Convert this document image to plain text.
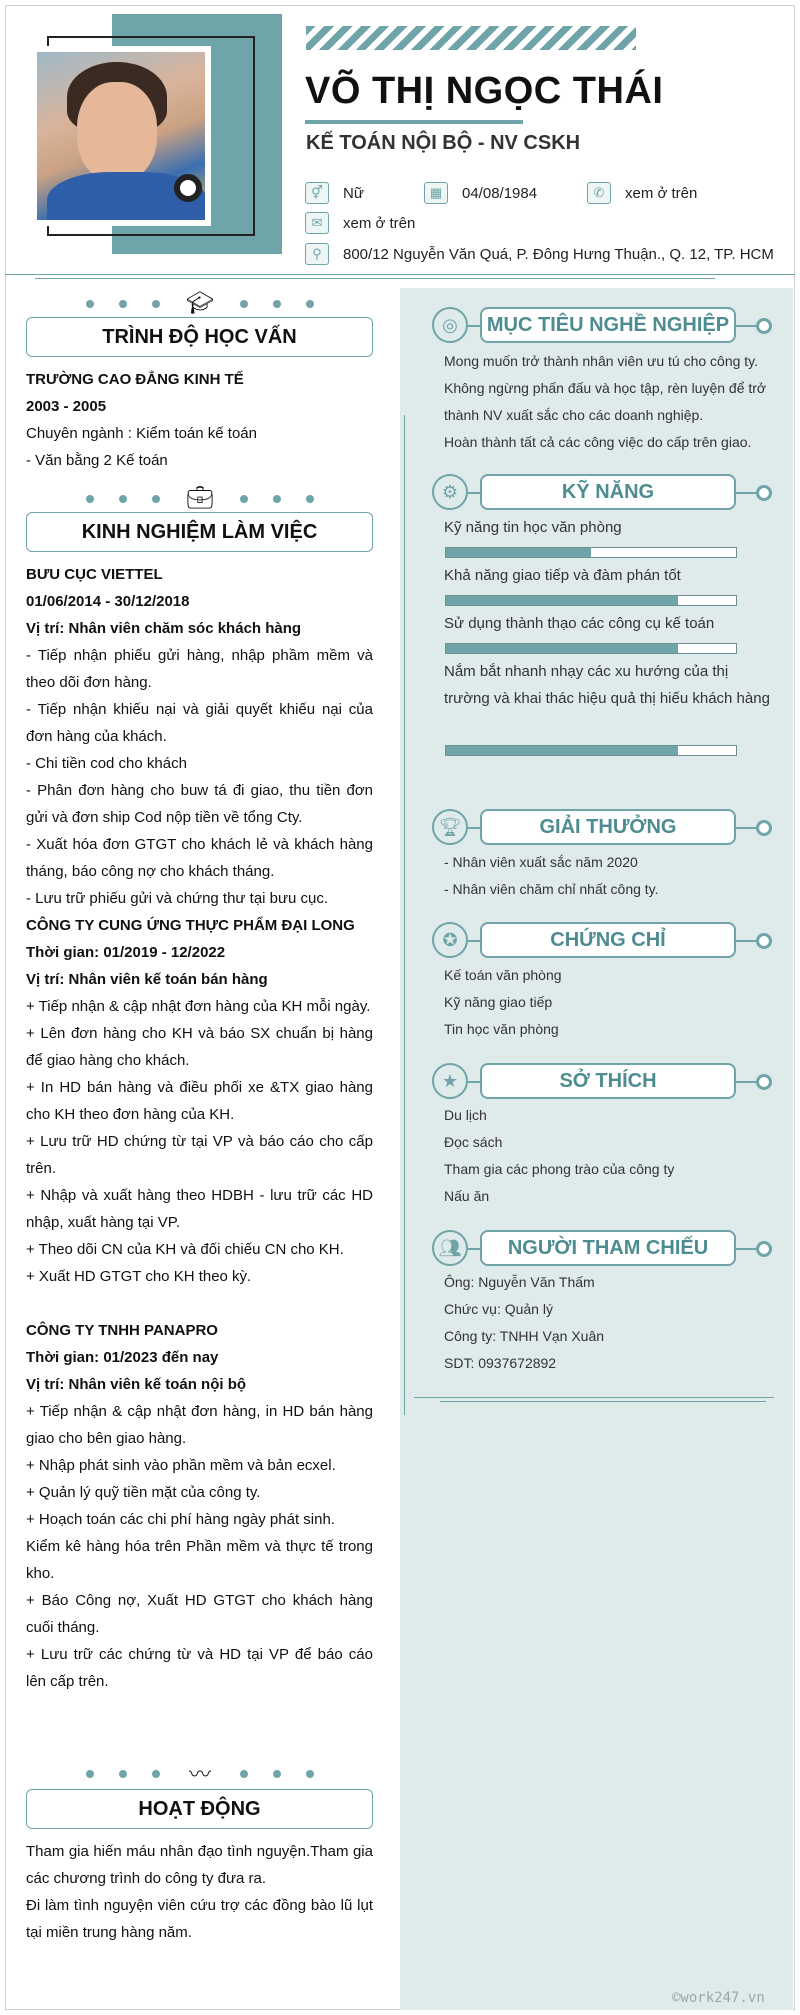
VÕ THỊ NGỌC THÁI
KẾ TOÁN NỘI BỘ - NV CSKH
⚥	Nữ	▦	04/08/1984	✆	xem ở trên
✉	xem ở trên
⚲	800/12 Nguyễn Văn Quá, P. Đông Hưng Thuận., Q. 12, TP. HCM
🎓︎
TRÌNH ĐỘ HỌC VẤN

TRƯỜNG CAO ĐẲNG KINH TẾ

2003 - 2005

Chuyên ngành : Kiểm toán kế toán

- Văn bằng 2 Kế toán

💼︎
KINH NGHIỆM LÀM VIỆC

BƯU CỤC VIETTEL

01/06/2014 - 30/12/2018

Vị trí: Nhân viên chăm sóc khách hàng

- Tiếp nhận phiếu gửi hàng, nhập phầm mềm và theo dõi đơn hàng.

- Tiếp nhận khiếu nại và giải quyết khiếu nại của đơn hàng của khách.

- Chi tiền cod cho khách

- Phân đơn hàng cho buw tá đi giao, thu tiền đơn gửi và đơn ship Cod nộp tiền về tổng Cty.

- Xuất hóa đơn GTGT cho khách lẻ và khách hàng tháng, báo công nợ cho khách tháng.

- Lưu trữ phiếu gửi và chứng thư tại bưu cục.

CÔNG TY CUNG ỨNG THỰC PHẨM ĐẠI LONG

Thời gian: 01/2019 - 12/2022

Vị trí: Nhân viên kế toán bán hàng

+ Tiếp nhận & cập nhật đơn hàng của KH mỗi ngày.

+ Lên đơn hàng cho KH và báo SX chuẩn bị hàng để giao hàng cho khách.

+ In HD bán hàng và điều phối xe &TX giao hàng cho KH theo đơn hàng của KH.

+ Lưu trữ HD chứng từ tại VP và báo cáo cho cấp trên.

+ Nhập và xuất hàng theo HDBH - lưu trữ các HD nhập, xuất hàng tại VP.

+ Theo dõi CN của KH và đối chiếu CN cho KH.

+ Xuất HD GTGT cho KH theo kỳ.

CÔNG TY TNHH PANAPRO

Thời gian: 01/2023 đến nay

Vị trí: Nhân viên kế toán nội bộ

+ Tiếp nhận & cập nhật đơn hàng, in HD bán hàng giao cho bên giao hàng.

+ Nhập phát sinh vào phần mềm và bản ecxel.

+ Quản lý quỹ tiền mặt của công ty.

+ Hoạch toán các chi phí hàng ngày phát sinh.

Kiểm kê hàng hóa trên Phần mềm và thực tế trong kho.

+ Báo Công nợ, Xuất HD GTGT cho khách hàng cuối tháng.

+ Lưu trữ các chứng từ và HD tại VP để báo cáo lên cấp trên.

〰
HOẠT ĐỘNG

Tham gia hiến máu nhân đạo tình nguyện.Tham gia các chương trình do công ty đưa ra.

Đi làm tình nguyện viên cứu trợ các đồng bào lũ lụt tại miền trung hàng năm.

◎	MỤC TIÊU NGHỀ NGHIỆP

Mong muốn trở thành nhân viên ưu tú cho công ty.

Không ngừng phấn đấu và học tập, rèn luyện để trở thành NV xuất sắc cho các doanh nghiệp.

Hoàn thành tất cả các công việc do cấp trên giao.

⚙	KỸ NĂNG
Kỹ năng tin học văn phòng
Khả năng giao tiếp và đàm phán tốt
Sử dụng thành thạo các công cụ kế toán
Nắm bắt nhanh nhạy các xu hướng của thị trường và khai thác hiệu quả thị hiếu khách hàng
🏆︎	GIẢI THƯỞNG

- Nhân viên xuất sắc năm 2020

- Nhân viên chăm chỉ nhất công ty.

✪	CHỨNG CHỈ

Kế toán văn phòng

Kỹ năng giao tiếp

Tin học văn phòng

★	SỞ THÍCH

Du lịch

Đọc sách

Tham gia các phong trào của công ty

Nấu ăn

👥︎	NGƯỜI THAM CHIẾU

Ông: Nguyễn Văn Thấm

Chức vụ: Quản lý

Công ty: TNHH Vạn Xuân

SDT: 0937672892

©work247.vn
